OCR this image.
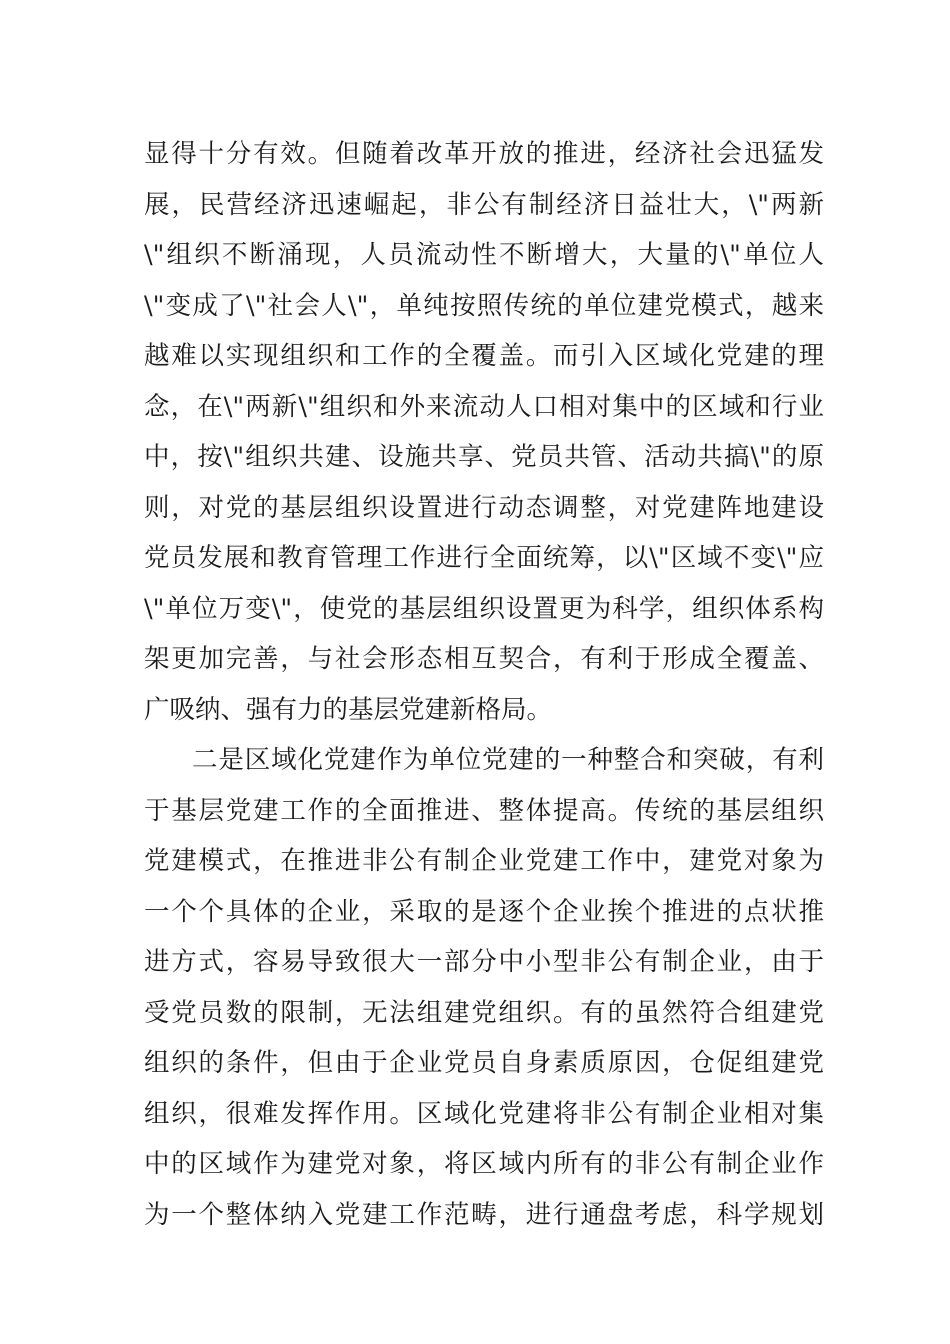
显得十分有效。但随着改革开放的推进，经济社会迅猛发
展，民营经济迅速崛起，非公有制经济日益壮大，\"两新
\"组织不断涌现，人员流动性不断增大，大量的\"单位人
\"变成了\"社会人\"，单纯按照传统的单位建党模式，越来
越难以实现组织和工作的全覆盖。而引入区域化党建的理
念，在\"两新\"组织和外来流动人口相对集中的区域和行业
中，按\"组织共建、设施共享、党员共管、活动共搞\"的原
则，对党的基层组织设置进行动态调整，对党建阵地建设
党员发展和教育管理工作进行全面统筹，以\"区域不变\"应
\"单位万变\"，使党的基层组织设置更为科学，组织体系构
架更加完善，与社会形态相互契合，有利于形成全覆盖、
广吸纳、强有力的基层党建新格局。
二是区域化党建作为单位党建的一种整合和突破，有利
于基层党建工作的全面推进、整体提高。传统的基层组织
党建模式，在推进非公有制企业党建工作中，建党对象为
一个个具体的企业，采取的是逐个企业挨个推进的点状推
进方式，容易导致很大一部分中小型非公有制企业，由于
受党员数的限制，无法组建党组织。有的虽然符合组建党
组织的条件，但由于企业党员自身素质原因，仓促组建党
组织，很难发挥作用。区域化党建将非公有制企业相对集
中的区域作为建党对象，将区域内所有的非公有制企业作
为一个整体纳入党建工作范畴，进行通盘考虑，科学规划
